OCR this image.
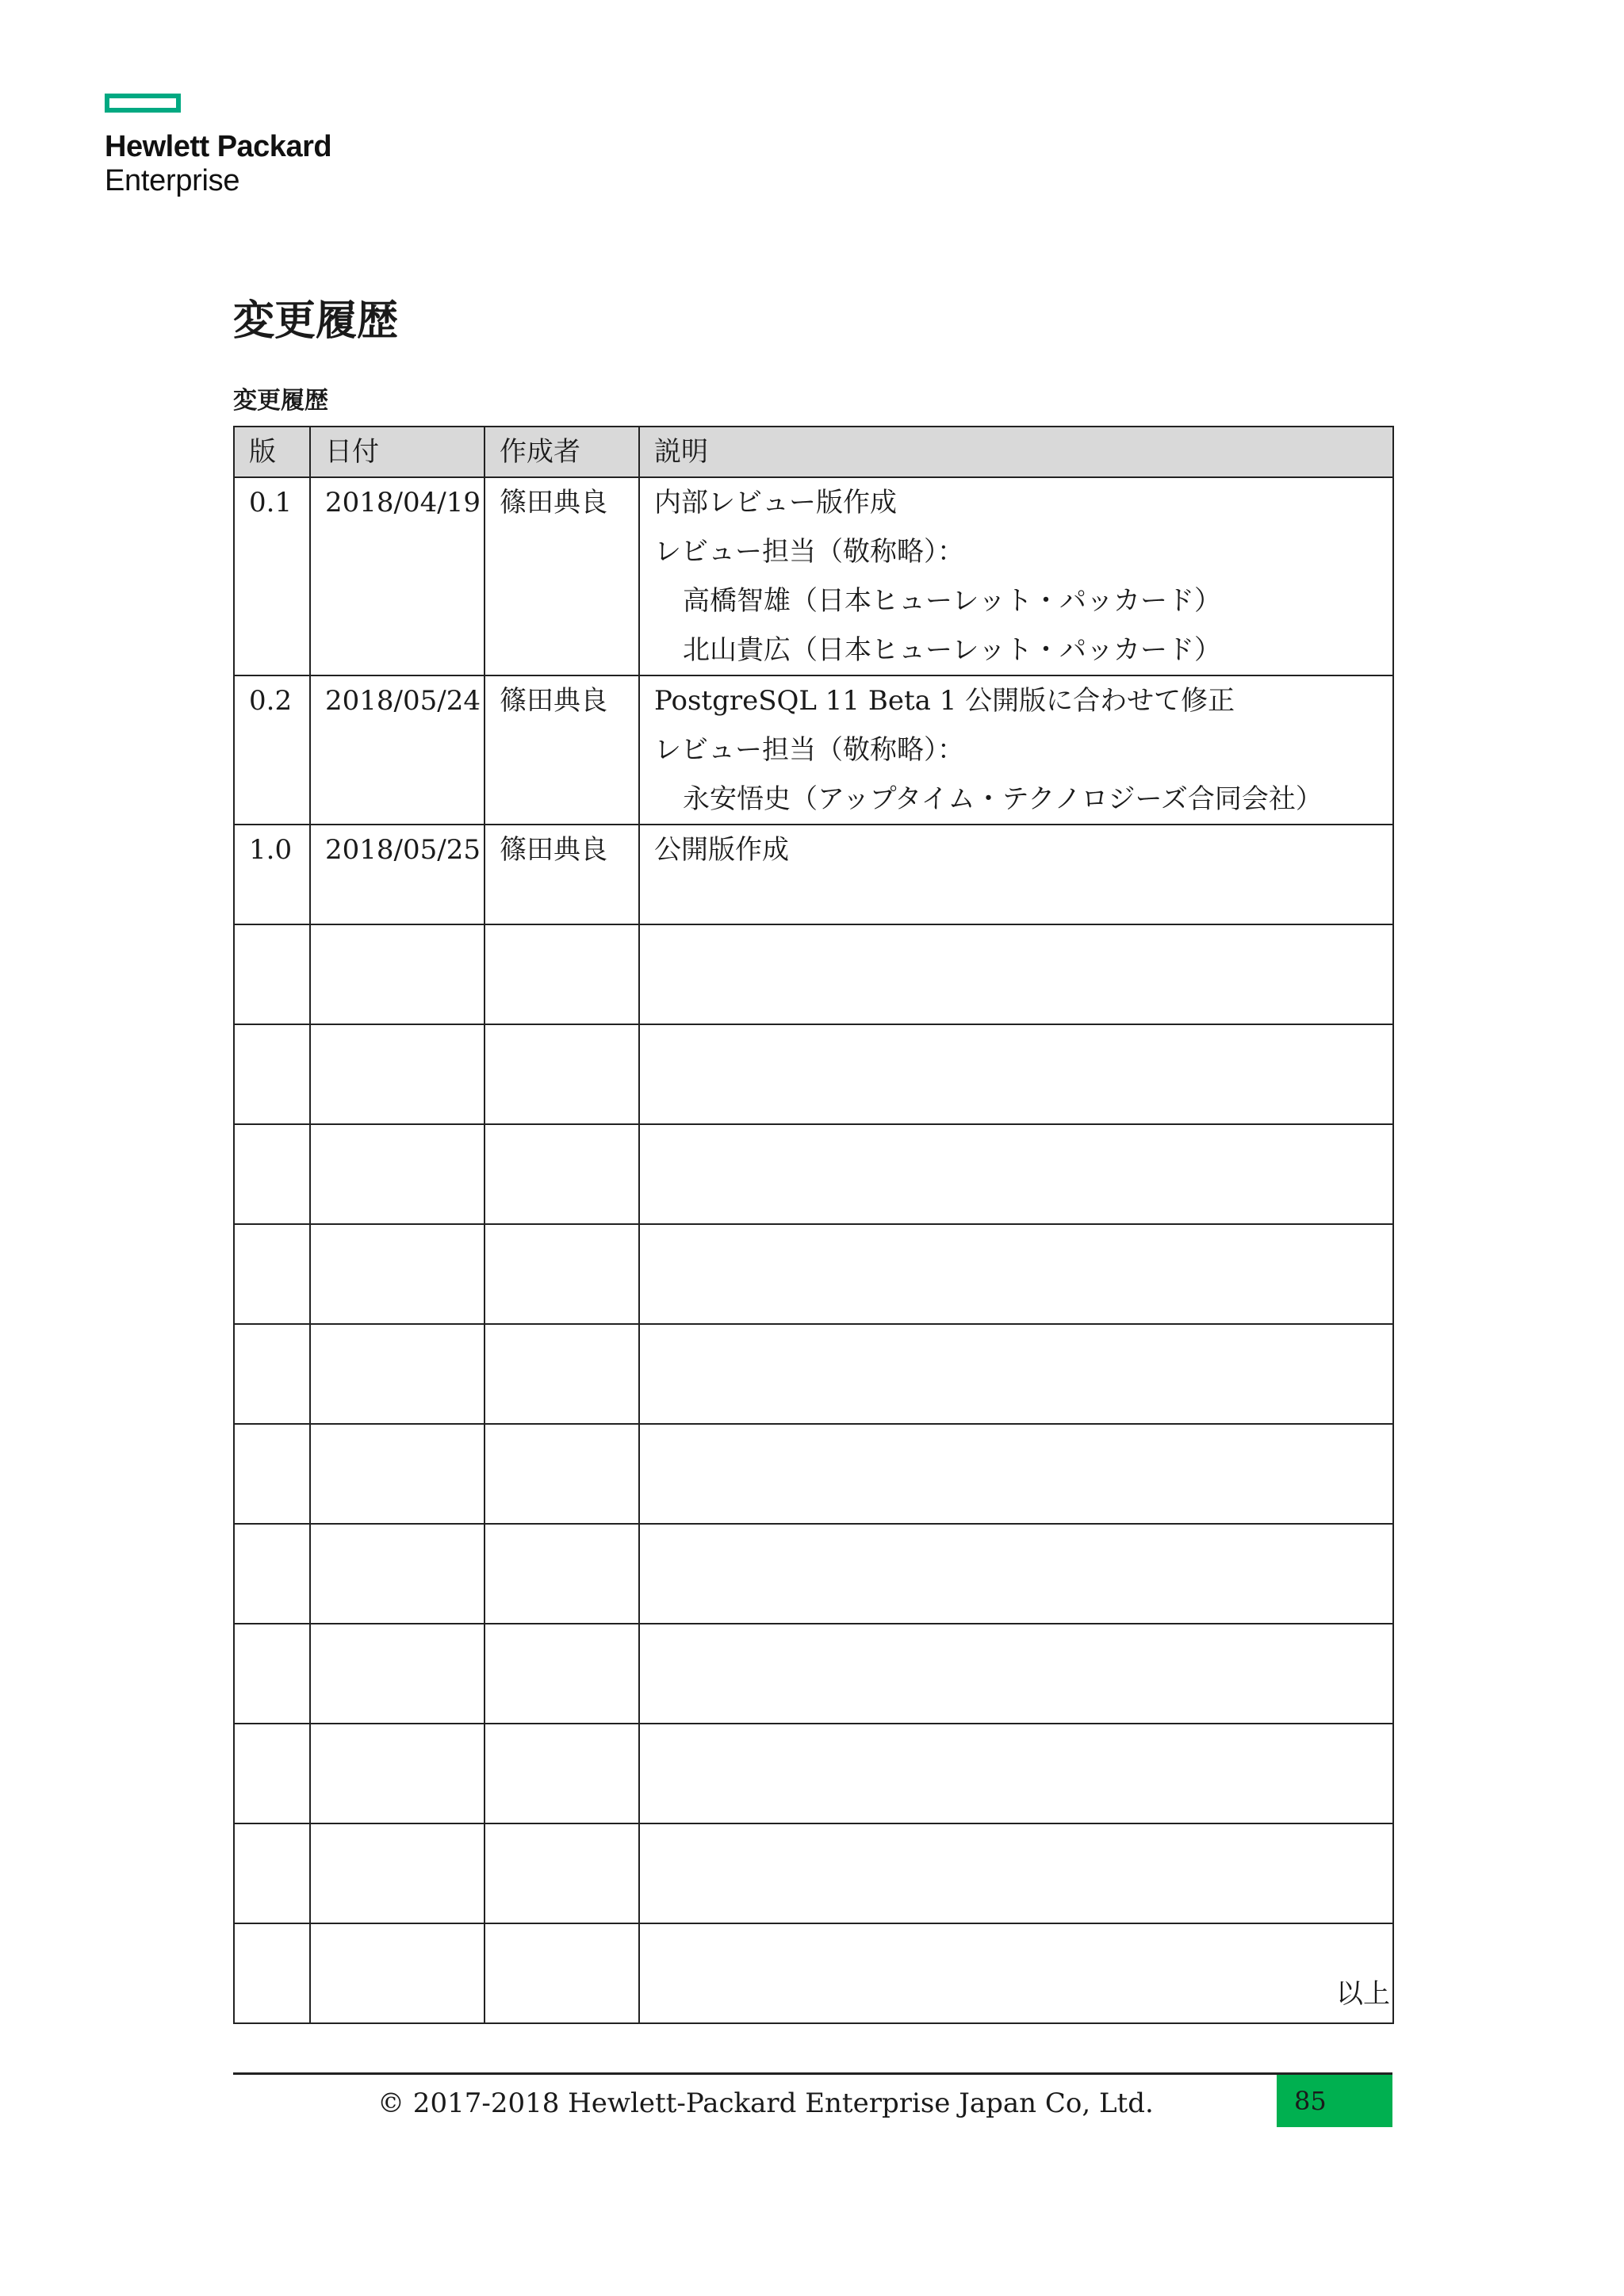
Hewlett Packard
Enterprise
変更履歴
変更履歴
版	日付	作成者	説明
0.1	2018/04/19	篠田典良	内部レビュー版作成
レビュー担当（敬称略）：
高橋智雄（日本ヒューレット・パッカード）
北山貴広（日本ヒューレット・パッカード）

0.2	2018/05/24	篠田典良	PostgreSQL 11 Beta 1 公開版に合わせて修正
レビュー担当（敬称略）：
永安悟史（アップタイム・テクノロジーズ合同会社）

1.0	2018/05/25	篠田典良	公開版作成

以上
© 2017-2018 Hewlett-Packard Enterprise Japan Co, Ltd.	85
